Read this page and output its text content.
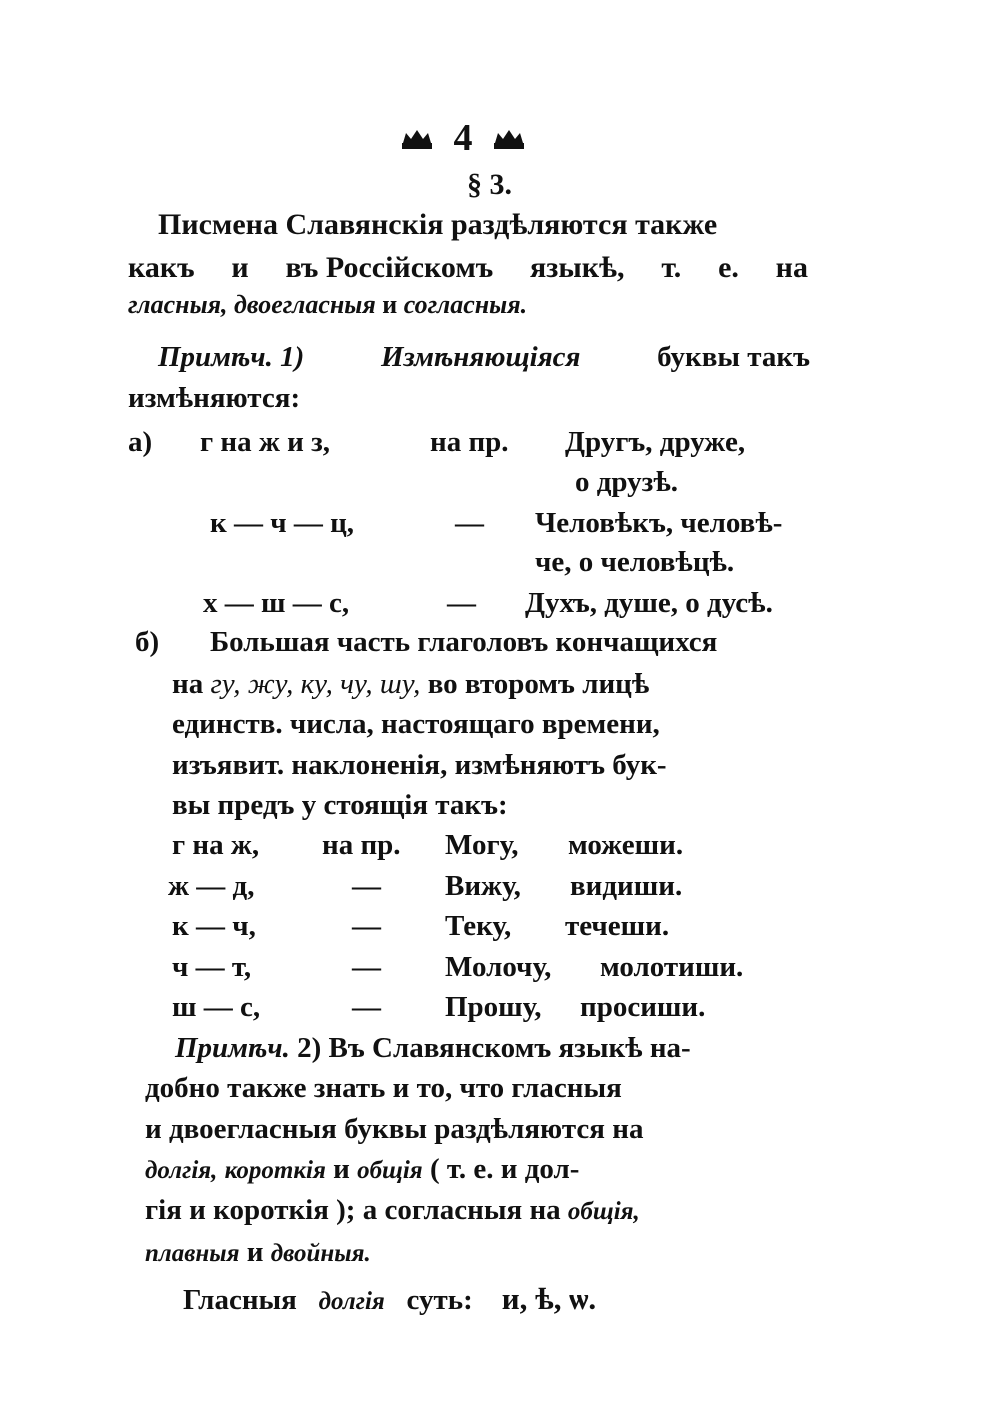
4
§ 3.
Писмена Славянскія раздѣляются также
какъ и въ Россійскомъ языкѣ, т. е. на
гласныя, двоегласныя и согласныя.
Примѣч. 1)	Измѣняющіяся	буквы такъ
измѣняются:
а) г на ж и з,	на пр. Другъ, друже,
о друзѣ.
к — ч — ц,	— Человѣкъ, человѣ-
че, о человѣцѣ.
х — ш — с,	— Духъ, душе, о дусѣ.
б) Большая часть глаголовъ кончащихся
на гу, жу, ку, чу, шу, во второмъ лицѣ
единств. числа, настоящаго времени,
изъявит. наклоненія, измѣняютъ бук-
вы предъ у стоящія такъ:
г на ж, на пр. Могу, можеши.
ж — д,	— Вижу, видиши.
к — ч,	— Теку, течеши.
ч — т,	— Молочу, молотиши.
ш — с,	— Прошу, просиши.
Примѣч. 2) Въ Славянскомъ языкѣ на-
добно также знать и то, что гласныя
и двоегласныя буквы раздѣляются на
долгія, короткія и общія ( т. е. и дол-
гія и короткія ); а согласныя на общія,
плавныя и двойныя.
Гласныя долгія суть: и, ѣ, ѡ.
